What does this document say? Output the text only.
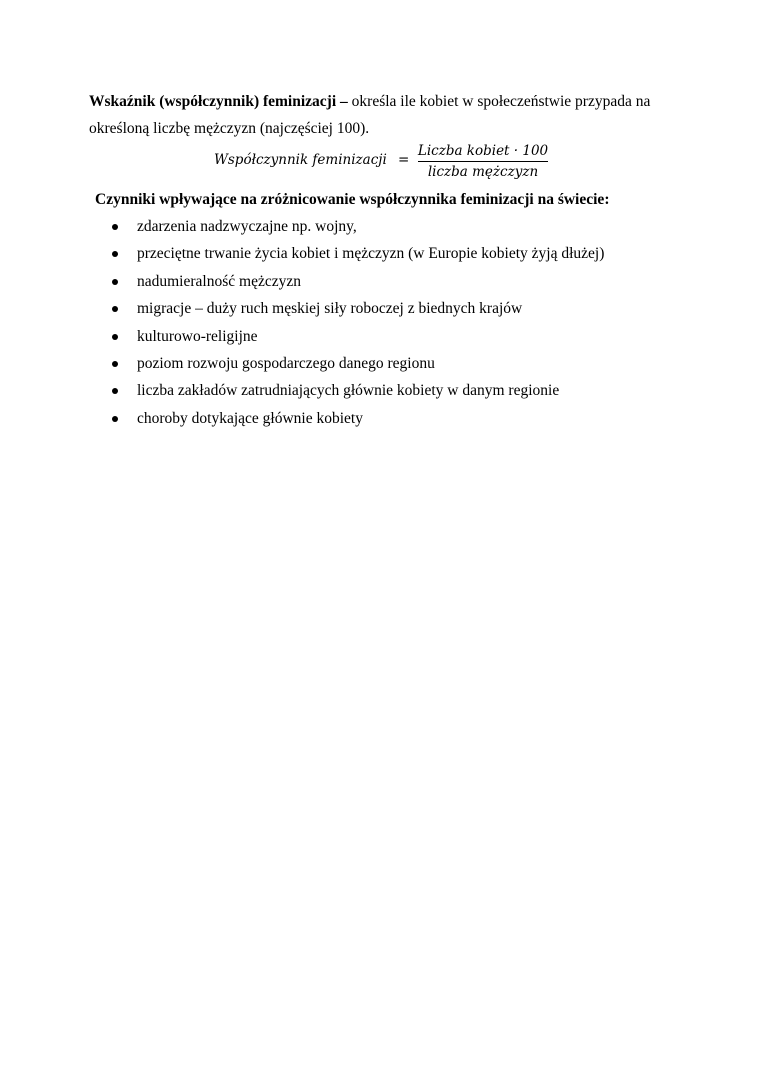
Wskaźnik (współczynnik) feminizacji – określa ile kobiet w społeczeństwie przypada na określoną liczbę mężczyzn (najczęściej 100).

Współczynnik feminizacji =
Liczba kobiet · 100
liczba mężczyzn
Czynniki wpływające na zróżnicowanie współczynnika feminizacji na świecie:
zdarzenia nadzwyczajne np. wojny,
przeciętne trwanie życia kobiet i mężczyzn (w Europie kobiety żyją dłużej)
nadumieralność mężczyzn
migracje – duży ruch męskiej siły roboczej z biednych krajów
kulturowo-religijne
poziom rozwoju gospodarczego danego regionu
liczba zakładów zatrudniających głównie kobiety w danym regionie
choroby dotykające głównie kobiety
